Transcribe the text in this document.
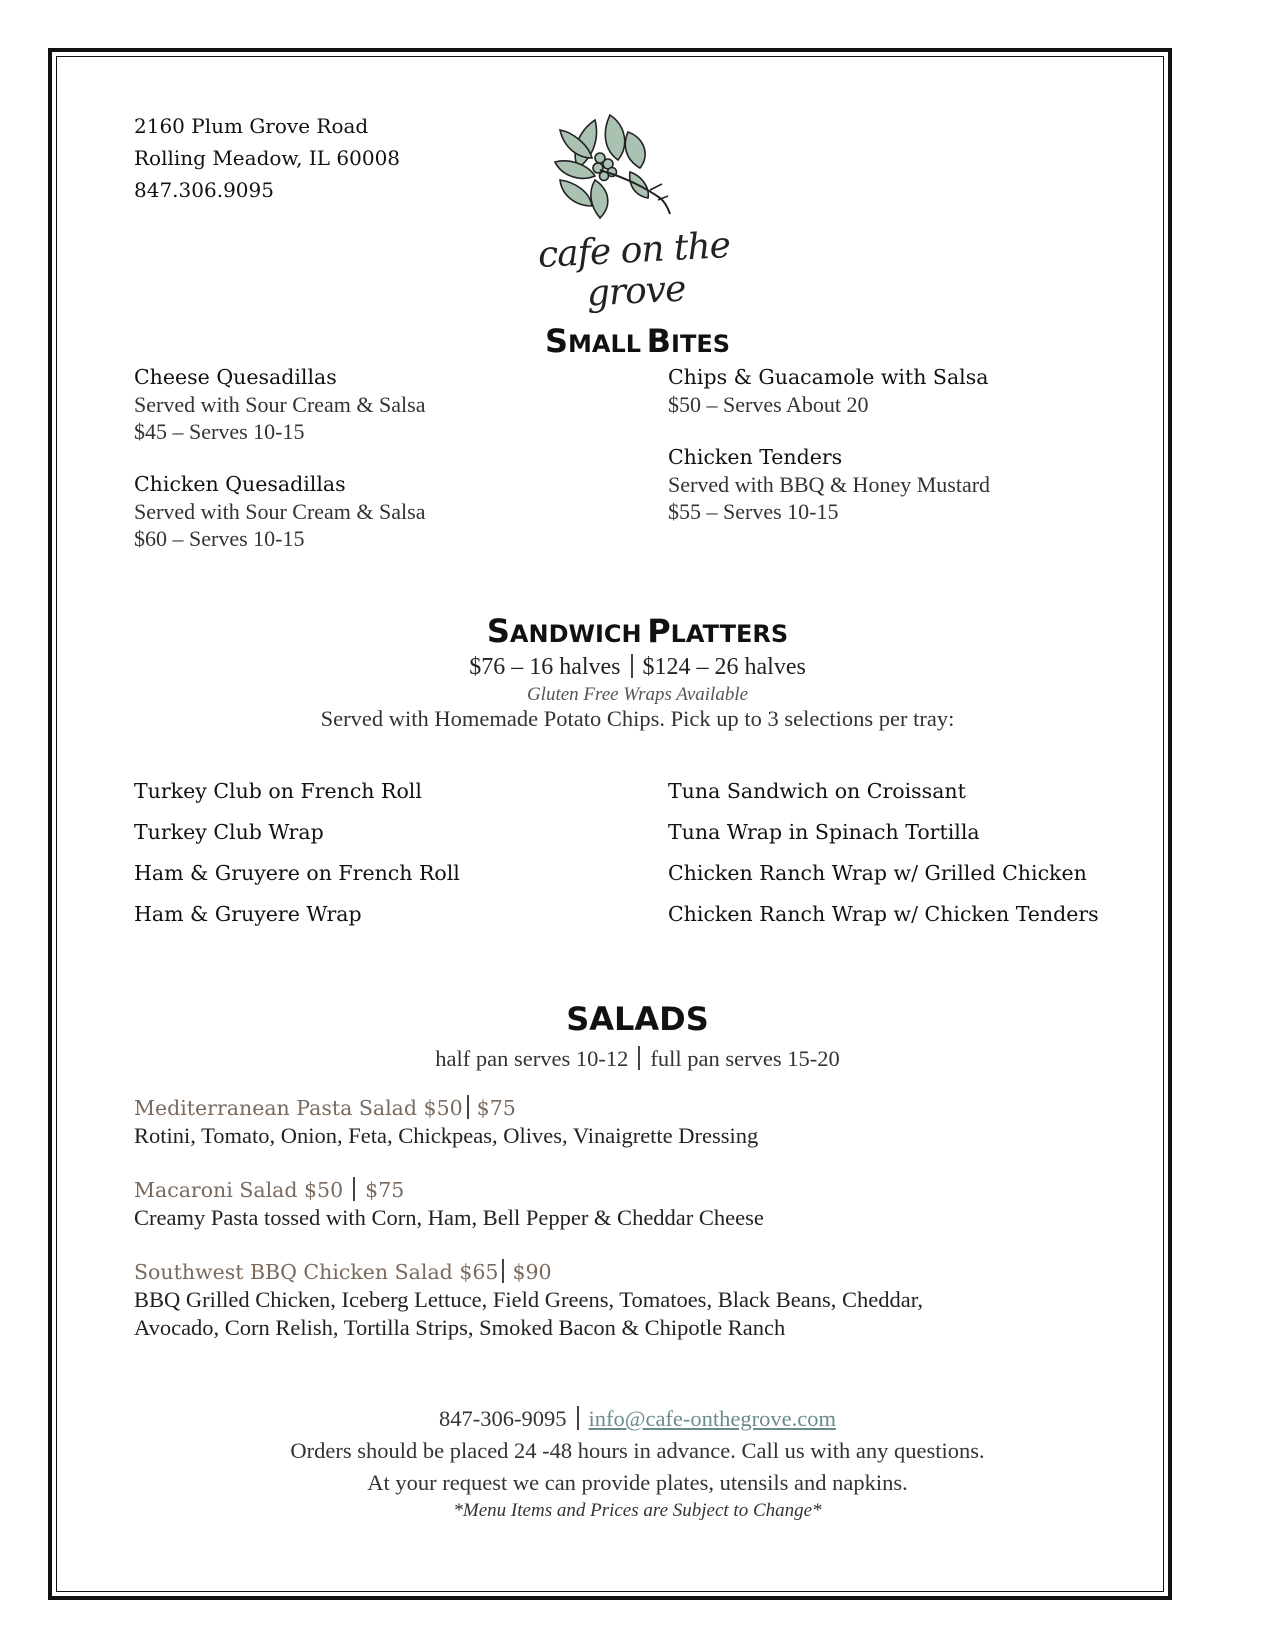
2160 Plum Grove Road
Rolling Meadow, IL 60008
847.306.9095
cafe on the grove
SMALL BITES
Cheese Quesadillas
Served with Sour Cream & Salsa
$45 – Serves 10-15
Chicken Quesadillas
Served with Sour Cream & Salsa
$60 – Serves 10-15
Chips & Guacamole with Salsa
$50 – Serves About 20
Chicken Tenders
Served with BBQ & Honey Mustard
$55 – Serves 10-15
SANDWICH PLATTERS
$76 – 16 halves $124 – 26 halves
Gluten Free Wraps Available
Served with Homemade Potato Chips. Pick up to 3 selections per tray:
Turkey Club on French Roll
Turkey Club Wrap
Ham & Gruyere on French Roll
Ham & Gruyere Wrap
Tuna Sandwich on Croissant
Tuna Wrap in Spinach Tortilla
Chicken Ranch Wrap w/ Grilled Chicken
Chicken Ranch Wrap w/ Chicken Tenders
SALADS
half pan serves 10-12 full pan serves 15-20
Mediterranean Pasta Salad $50 $75
Rotini, Tomato, Onion, Feta, Chickpeas, Olives, Vinaigrette Dressing
Macaroni Salad $50 $75
Creamy Pasta tossed with Corn, Ham, Bell Pepper & Cheddar Cheese
Southwest BBQ Chicken Salad $65 $90
BBQ Grilled Chicken, Iceberg Lettuce, Field Greens, Tomatoes, Black Beans, Cheddar,
Avocado, Corn Relish, Tortilla Strips, Smoked Bacon & Chipotle Ranch
847-306-9095 info@cafe-onthegrove.com
Orders should be placed 24 -48 hours in advance. Call us with any questions.
At your request we can provide plates, utensils and napkins.
*Menu Items and Prices are Subject to Change*
